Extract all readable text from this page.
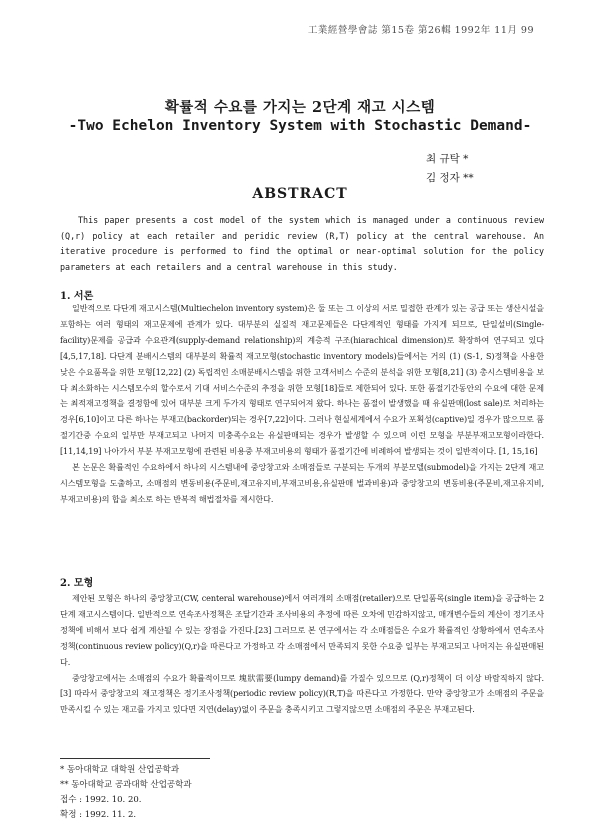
工業經營學會誌 第15卷 第26輯 1992年 11月 99
확률적 수요를 가지는 2단계 재고 시스템
-Two Echelon Inventory System with Stochastic Demand-
최 규탁 *
김 정자 **
ABSTRACT

This paper presents a cost model of the system which is managed under a continuous review (Q,r) policy at each retailer and peridic review (R,T) policy at the central warehouse. An iterative procedure is performed to find the optimal or near-optimal solution for the policy parameters at each retailers and a central warehouse in this study.

1. 서론

일반적으로 다단계 재고시스템(Multiechelon inventory system)은 둘 또는 그 이상의 서로 밀접한 관계가 있는 공급 또는 생산시설을 포함하는 여러 형태의 재고문제에 관계가 있다. 대부분의 실질적 재고문제들은 다단계적인 형태를 가지게 되므로, 단일설비(Single-facility)문제를 공급과 수요관계(supply-demand relationship)의 계층적 구조(hiarachical dimension)로 확장하여 연구되고 있다[4,5,17,18]. 다단계 분배시스템의 대부분의 확률적 재고모형(stochastic inventory models)들에서는 거의 (1) (S-1, S)정책을 사용한 낮은 수요품목을 위한 모형[12,22] (2) 독립적인 소매분배시스템을 위한 고객서비스 수준의 분석을 위한 모형[8,21] (3) 총시스템비용을 보다 최소화하는 시스템모수의 할수로서 기대 서비스수준의 추정을 위한 모형[18]들로 제한되어 있다. 또한 품절기간동안의 수요에 대한 문제는 최적재고정책을 결정함에 있어 대부분 크게 두가지 형태로 연구되어져 왔다. 하나는 품절이 발생했을 때 유실판매(lost sale)로 처리하는 경우[6,10]이고 다른 하나는 부재고(backorder)되는 경우[7,22]이다. 그러나 현실세계에서 수요가 포획성(captive)일 경우가 많으므로 품절기간중 수요의 일부만 부재고되고 나머지 미충족수요는 유실판매되는 경우가 발생할 수 있으며 이런 모형을 부분부재고모형이라한다.[11,14,19] 나아가서 부분 부재고모형에 관련된 비용중 부재고비용의 형태가 품절기간에 비례하여 발생되는 것이 일반적이다. [1, 15,16]

본 논문은 확률적인 수요하에서 하나의 시스템내에 중앙창고와 소매점들로 구분되는 두개의 부분모델(submodel)을 가지는 2단계 재고시스템모형을 도출하고, 소매점의 변동비용(주문비,재고유지비,부재고비용,유실판매 벌과비용)과 중앙창고의 변동비용(주문비,재고유지비,부재고비용)의 합을 최소로 하는 반복적 해법절차를 제시한다.

2. 모형

제안된 모형은 하나의 중앙창고(CW, centeral warehouse)에서 여러개의 소매점(retailer)으로 단일품목(single item)을 공급하는 2단계 재고시스템이다. 일반적으로 연속조사정책은 조달기간과 조사비용의 추정에 따른 오차에 민감하지않고, 매개변수들의 계산이 정기조사정책에 비해서 보다 쉽게 계산될 수 있는 장점을 가진다.[23] 그러므로 본 연구에서는 각 소매점들은 수요가 확률적인 상황하에서 연속조사정책(continuous review policy)(Q,r)을 따른다고 가정하고 각 소매점에서 만족되지 못한 수요중 일부는 부재고되고 나머지는 유실판매된다.

중앙창고에서는 소매점의 수요가 확률적이므로 塊狀需要(lumpy demand)를 가질수 있으므로 (Q,r)정책이 더 이상 바람직하지 않다.[3] 따라서 중앙창고의 재고정책은 정기조사정책(periodic review policy)(R,T)을 따른다고 가정한다. 만약 중앙창고가 소매점의 주문을 만족시킬 수 있는 재고를 가지고 있다면 지연(delay)없이 주문을 충족시키고 그렇지않으면 소매점의 주문은 부재고된다.

* 동아대학교 대학원 산업공학과
** 동아대학교 공과대학 산업공학과
접수 : 1992. 10. 20.
확정 : 1992. 11. 2.
